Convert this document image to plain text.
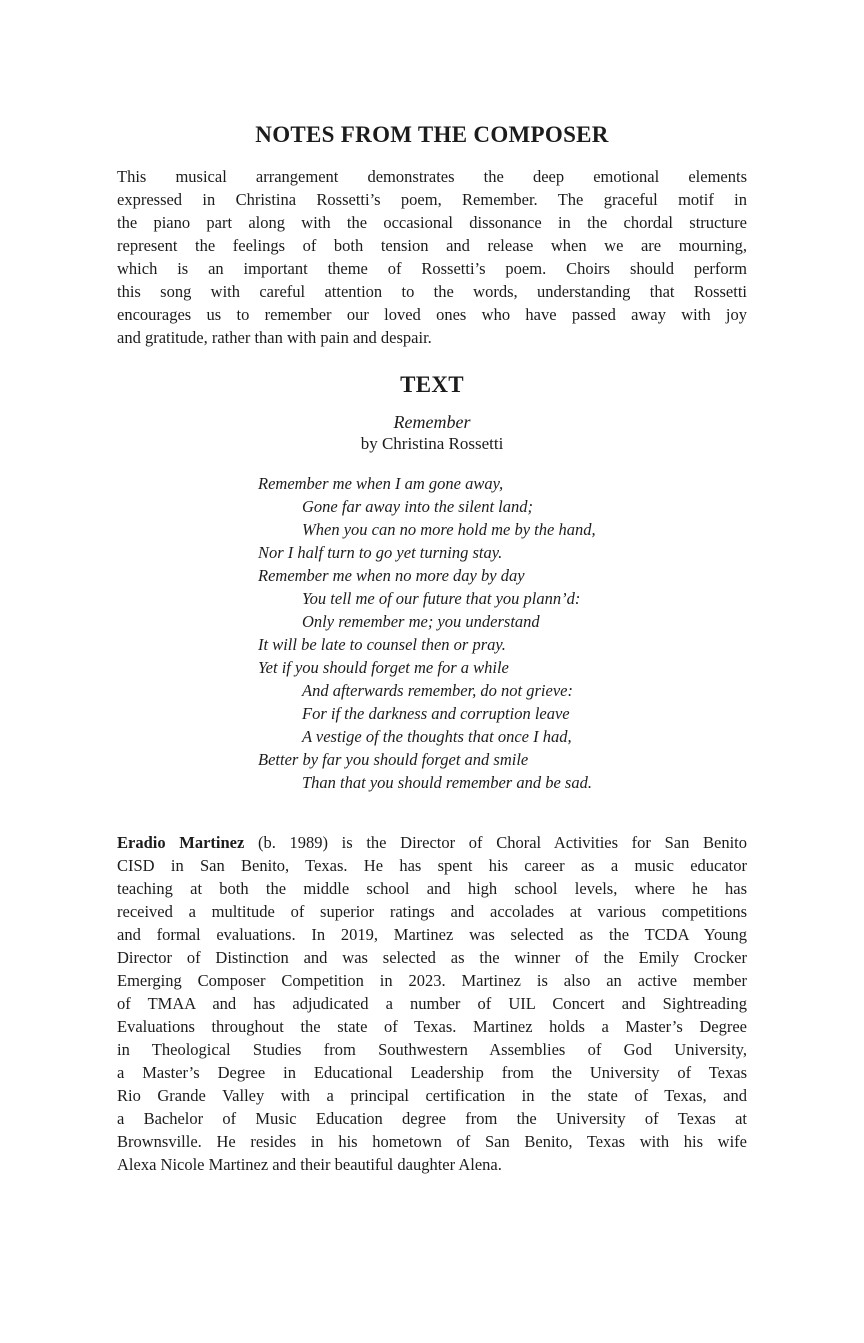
NOTES FROM THE COMPOSER
This musical arrangement demonstrates the deep emotional elements
expressed in Christina Rossetti’s poem, Remember. The graceful motif in
the piano part along with the occasional dissonance in the chordal structure
represent the feelings of both tension and release when we are mourning,
which is an important theme of Rossetti’s poem. Choirs should perform
this song with careful attention to the words, understanding that Rossetti
encourages us to remember our loved ones who have passed away with joy
and gratitude, rather than with pain and despair.
TEXT
Remember
by Christina Rossetti
Remember me when I am gone away,
Gone far away into the silent land;
When you can no more hold me by the hand,
Nor I half turn to go yet turning stay.
Remember me when no more day by day
You tell me of our future that you plann’d:
Only remember me; you understand
It will be late to counsel then or pray.
Yet if you should forget me for a while
And afterwards remember, do not grieve:
For if the darkness and corruption leave
A vestige of the thoughts that once I had,
Better by far you should forget and smile
Than that you should remember and be sad.
Eradio Martinez (b. 1989) is the Director of Choral Activities for San Benito
CISD in San Benito, Texas. He has spent his career as a music educator
teaching at both the middle school and high school levels, where he has
received a multitude of superior ratings and accolades at various competitions
and formal evaluations. In 2019, Martinez was selected as the TCDA Young
Director of Distinction and was selected as the winner of the Emily Crocker
Emerging Composer Competition in 2023. Martinez is also an active member
of TMAA and has adjudicated a number of UIL Concert and Sightreading
Evaluations throughout the state of Texas. Martinez holds a Master’s Degree
in Theological Studies from Southwestern Assemblies of God University,
a Master’s Degree in Educational Leadership from the University of Texas
Rio Grande Valley with a principal certification in the state of Texas, and
a Bachelor of Music Education degree from the University of Texas at
Brownsville. He resides in his hometown of San Benito, Texas with his wife
Alexa Nicole Martinez and their beautiful daughter Alena.
